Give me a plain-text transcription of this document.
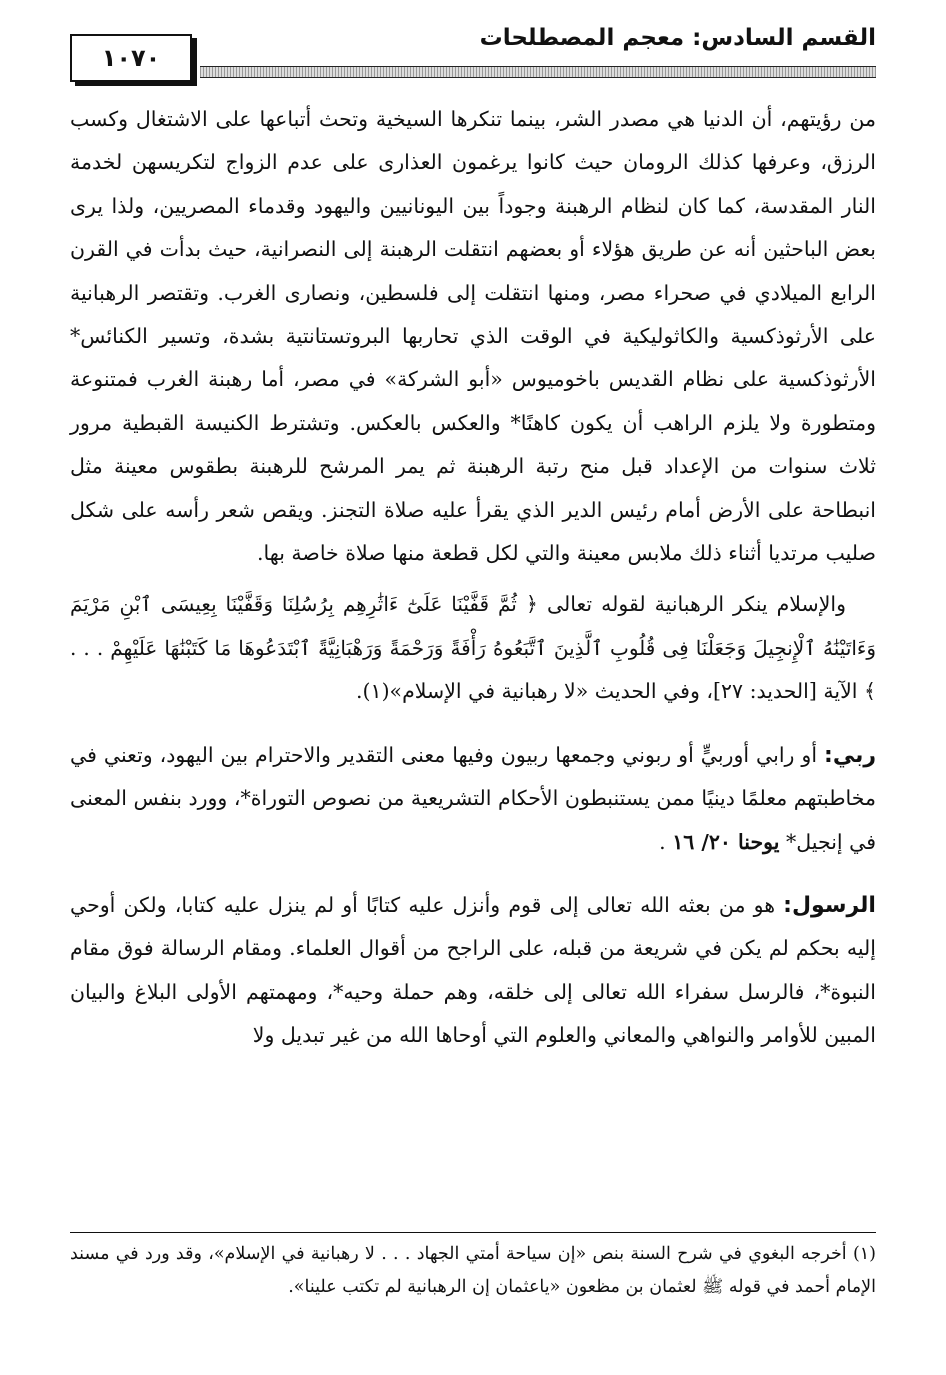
القسم السادس: معجم المصطلحات
١٠٧٠

من رؤيتهم، أن الدنيا هي مصدر الشر، بينما تنكرها السيخية وتحث أتباعها على الاشتغال وكسب الرزق، وعرفها كذلك الرومان حيث كانوا يرغمون العذارى على عدم الزواج لتكريسهن لخدمة النار المقدسة، كما كان لنظام الرهبنة وجوداً بين اليونانيين واليهود وقدماء المصريين، ولذا يرى بعض الباحثين أنه عن طريق هؤلاء أو بعضهم انتقلت الرهبنة إلى النصرانية، حيث بدأت في القرن الرابع الميلادي في صحراء مصر، ومنها انتقلت إلى فلسطين، ونصارى الغرب. وتقتصر الرهبانية على الأرثوذكسية والكاثوليكية في الوقت الذي تحاربها البروتستانتية بشدة، وتسير الكنائس* الأرثوذكسية على نظام القديس باخوميوس «أبو الشركة» في مصر، أما رهبنة الغرب فمتنوعة ومتطورة ولا يلزم الراهب أن يكون كاهنًا* والعكس بالعكس. وتشترط الكنيسة القبطية مرور ثلاث سنوات من الإعداد قبل منح رتبة الرهبنة ثم يمر المرشح للرهبنة بطقوس معينة مثل انبطاحة على الأرض أمام رئيس الدير الذي يقرأ عليه صلاة التجنز. ويقص شعر رأسه على شكل صليب مرتديا أثناء ذلك ملابس معينة والتي لكل قطعة منها صلاة خاصة بها.

والإسلام ينكر الرهبانية لقوله تعالى ﴿ ثُمَّ قَفَّيْنَا عَلَىٰٓ ءَاثَٰرِهِم بِرُسُلِنَا وَقَفَّيْنَا بِعِيسَى ٱبْنِ مَرْيَمَ وَءَاتَيْنَٰهُ ٱلْإِنجِيلَ وَجَعَلْنَا فِى قُلُوبِ ٱلَّذِينَ ٱتَّبَعُوهُ رَأْفَةً وَرَحْمَةً وَرَهْبَانِيَّةً ٱبْتَدَعُوهَا مَا كَتَبْنَٰهَا عَلَيْهِمْ . . . ﴾ الآية [الحديد: ٢٧]، وفي الحديث «لا رهبانية في الإسلام»(١).

ربي: أو رابي أوربيٍّ أو ربوني وجمعها ربيون وفيها معنى التقدير والاحترام بين اليهود، وتعني في مخاطبتهم معلمًا دينيًا ممن يستنبطون الأحكام التشريعية من نصوص التوراة*، وورد بنفس المعنى في إنجيل* يوحنا ٢٠/ ١٦ .

الرسول: هو من بعثه الله تعالى إلى قوم وأنزل عليه كتابًا أو لم ينزل عليه كتابا، ولكن أوحي إليه بحكم لم يكن في شريعة من قبله، على الراجح من أقوال العلماء. ومقام الرسالة فوق مقام النبوة*، فالرسل سفراء الله تعالى إلى خلقه، وهم حملة وحيه*، ومهمتهم الأولى البلاغ والبيان المبين للأوامر والنواهي والمعاني والعلوم التي أوحاها الله من غير تبديل ولا

(١) أخرجه البغوي في شرح السنة بنص «إن سياحة أمتي الجهاد . . . لا رهبانية في الإسلام»، وقد ورد في مسند الإمام أحمد في قوله ﷺ لعثمان بن مظعون «ياعثمان إن الرهبانية لم تكتب علينا».
